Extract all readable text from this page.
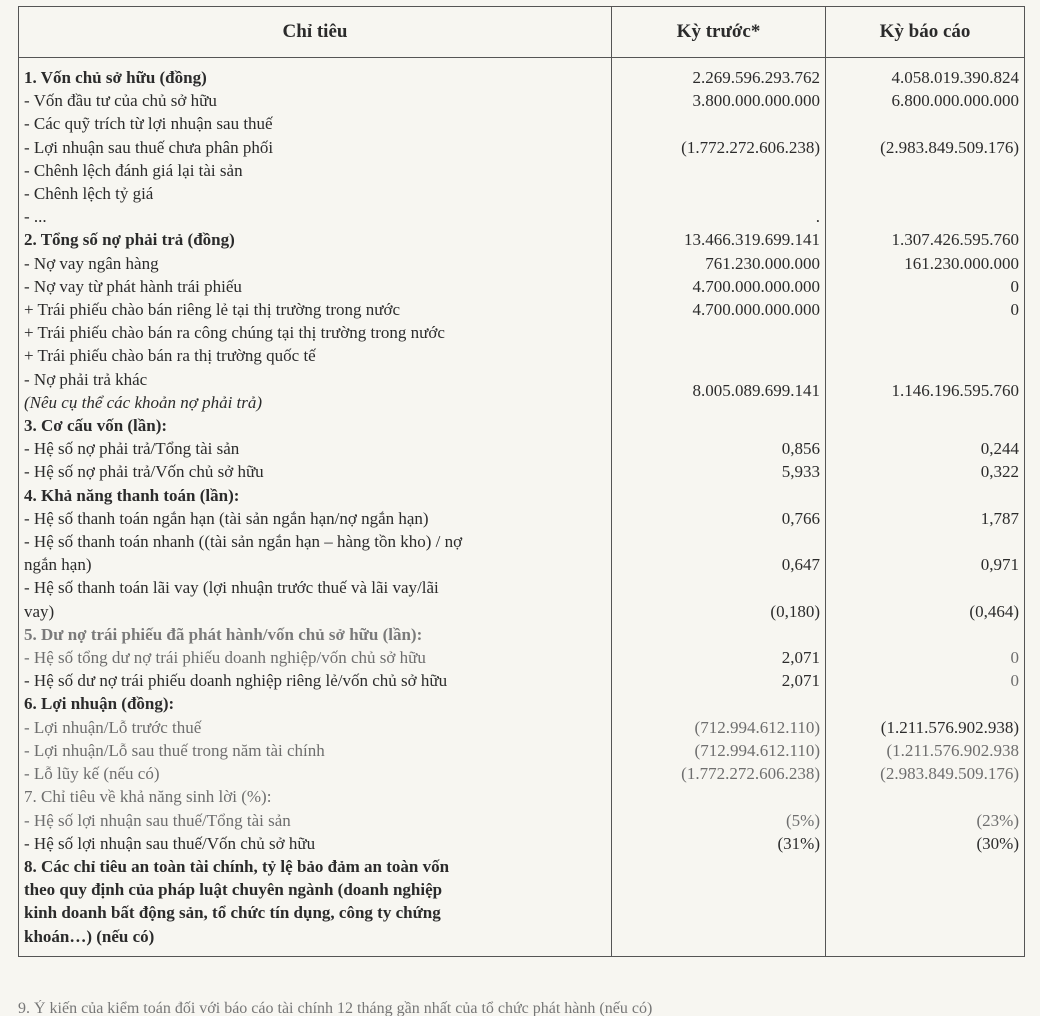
Chỉ tiêu	Kỳ trước*	Kỳ báo cáo
1. Vốn chủ sở hữu (đồng)	2.269.596.293.762	4.058.019.390.824
- Vốn đầu tư của chủ sở hữu	3.800.000.000.000	6.800.000.000.000
- Các quỹ trích từ lợi nhuận sau thuế		
- Lợi nhuận sau thuế chưa phân phối	(1.772.272.606.238)	(2.983.849.509.176)
- Chênh lệch đánh giá lại tài sản		
- Chênh lệch tỷ giá		
- ...	.	
2. Tổng số nợ phải trả (đồng)	13.466.319.699.141	1.307.426.595.760
- Nợ vay ngân hàng	761.230.000.000	161.230.000.000
- Nợ vay từ phát hành trái phiếu	4.700.000.000.000	0
+ Trái phiếu chào bán riêng lẻ tại thị trường trong nước	4.700.000.000.000	0
+ Trái phiếu chào bán ra công chúng tại thị trường trong nước		
+ Trái phiếu chào bán ra thị trường quốc tế		

- Nợ phải trả khác
(Nêu cụ thể các khoản nợ phải trả)	8.005.089.699.141	1.146.196.595.760
3. Cơ cấu vốn (lần):		
- Hệ số nợ phải trả/Tổng tài sản	0,856	0,244
- Hệ số nợ phải trả/Vốn chủ sở hữu	5,933	0,322
4. Khả năng thanh toán (lần):		
- Hệ số thanh toán ngắn hạn (tài sản ngắn hạn/nợ ngắn hạn)	0,766	1,787

- Hệ số thanh toán nhanh ((tài sản ngắn hạn – hàng tồn kho) / nợ
ngắn hạn)	0,647	0,971

- Hệ số thanh toán lãi vay (lợi nhuận trước thuế và lãi vay/lãi
vay)	(0,180)	(0,464)
5. Dư nợ trái phiếu đã phát hành/vốn chủ sở hữu (lần):		
- Hệ số tổng dư nợ trái phiếu doanh nghiệp/vốn chủ sở hữu	2,071	0
- Hệ số dư nợ trái phiếu doanh nghiệp riêng lẻ/vốn chủ sở hữu	2,071	0
6. Lợi nhuận (đồng):		
- Lợi nhuận/Lỗ trước thuế	(712.994.612.110)	(1.211.576.902.938)
- Lợi nhuận/Lỗ sau thuế trong năm tài chính	(712.994.612.110)	(1.211.576.902.938
- Lỗ lũy kế (nếu có)	(1.772.272.606.238)	(2.983.849.509.176)
7. Chỉ tiêu về khả năng sinh lời (%):		
- Hệ số lợi nhuận sau thuế/Tổng tài sản	(5%)	(23%)
- Hệ số lợi nhuận sau thuế/Vốn chủ sở hữu	(31%)	(30%)

8. Các chỉ tiêu an toàn tài chính, tỷ lệ bảo đảm an toàn vốn
theo quy định của pháp luật chuyên ngành (doanh nghiệp
kinh doanh bất động sản, tổ chức tín dụng, công ty chứng
khoán…) (nếu có)		

9. Ý kiến của kiểm toán đối với báo cáo tài chính 12 tháng gần nhất của tổ chức phát hành (nếu có)
